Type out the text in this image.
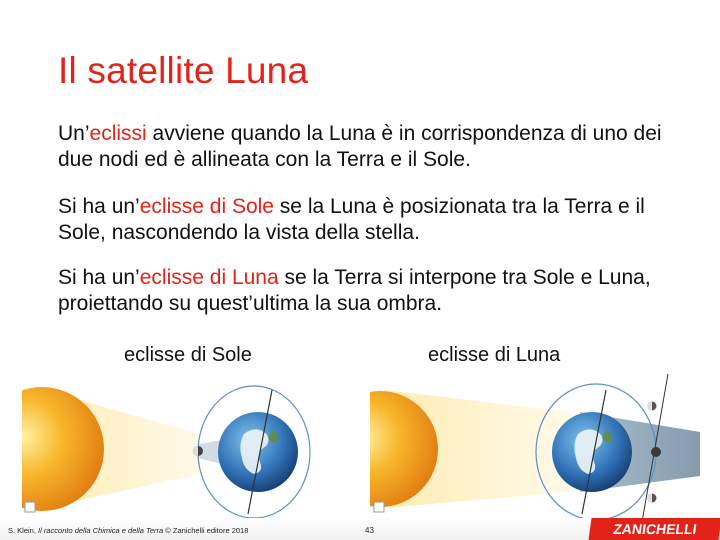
Il satellite Luna

Un’eclissi avviene quando la Luna è in corrispondenza di uno dei due nodi ed è allineata con la Terra e il Sole.

Si ha un’eclisse di Sole se la Luna è posizionata tra la Terra e il Sole, nascondendo la vista della stella.

Si ha un’eclisse di Luna se la Terra si interpone tra Sole e Luna, proiettando su quest’ultima la sua ombra.

eclisse di Sole	eclisse di Luna
S. Klein, Il racconto della Chimica e della Terra © Zanichelli editore 2018	43	ZANICHELLI
